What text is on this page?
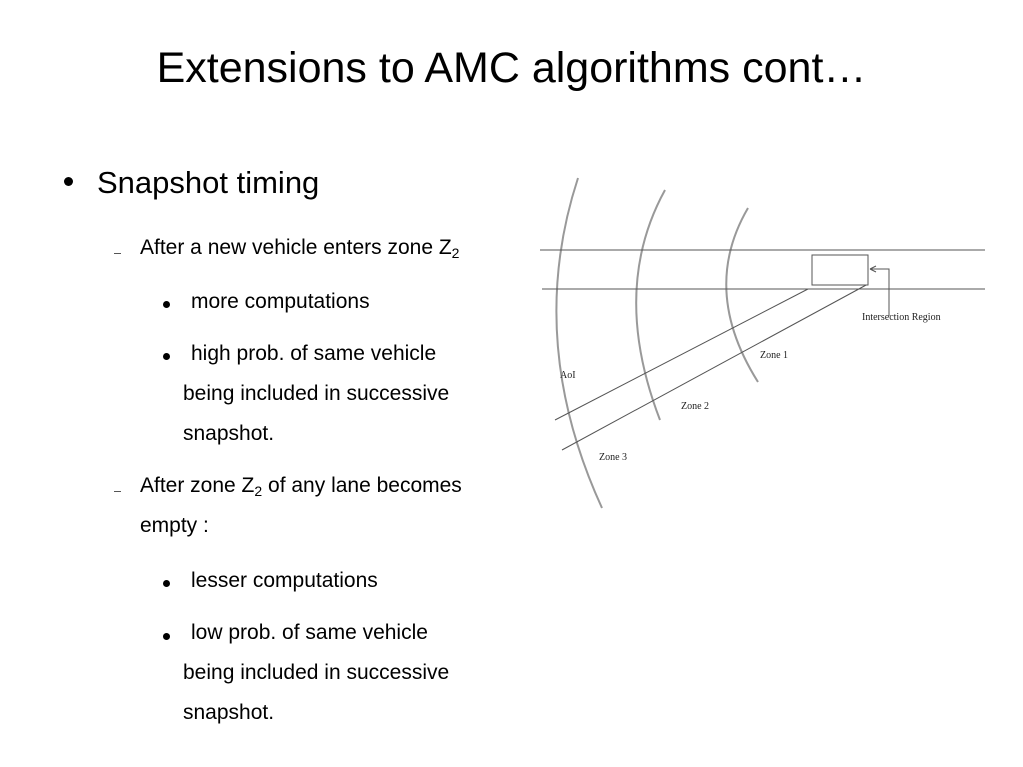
Extensions to AMC algorithms cont…
Snapshot timing
After a new vehicle enters zone $Z_2$
more computations
high prob. of same vehicle
being included in successive
snapshot.
After zone $Z_2$ of any lane becomes
empty :
lesser computations
low prob. of same vehicle
being included in successive
snapshot.
Intersection Region
Zone 1
Zone 2
Zone 3
AoI
